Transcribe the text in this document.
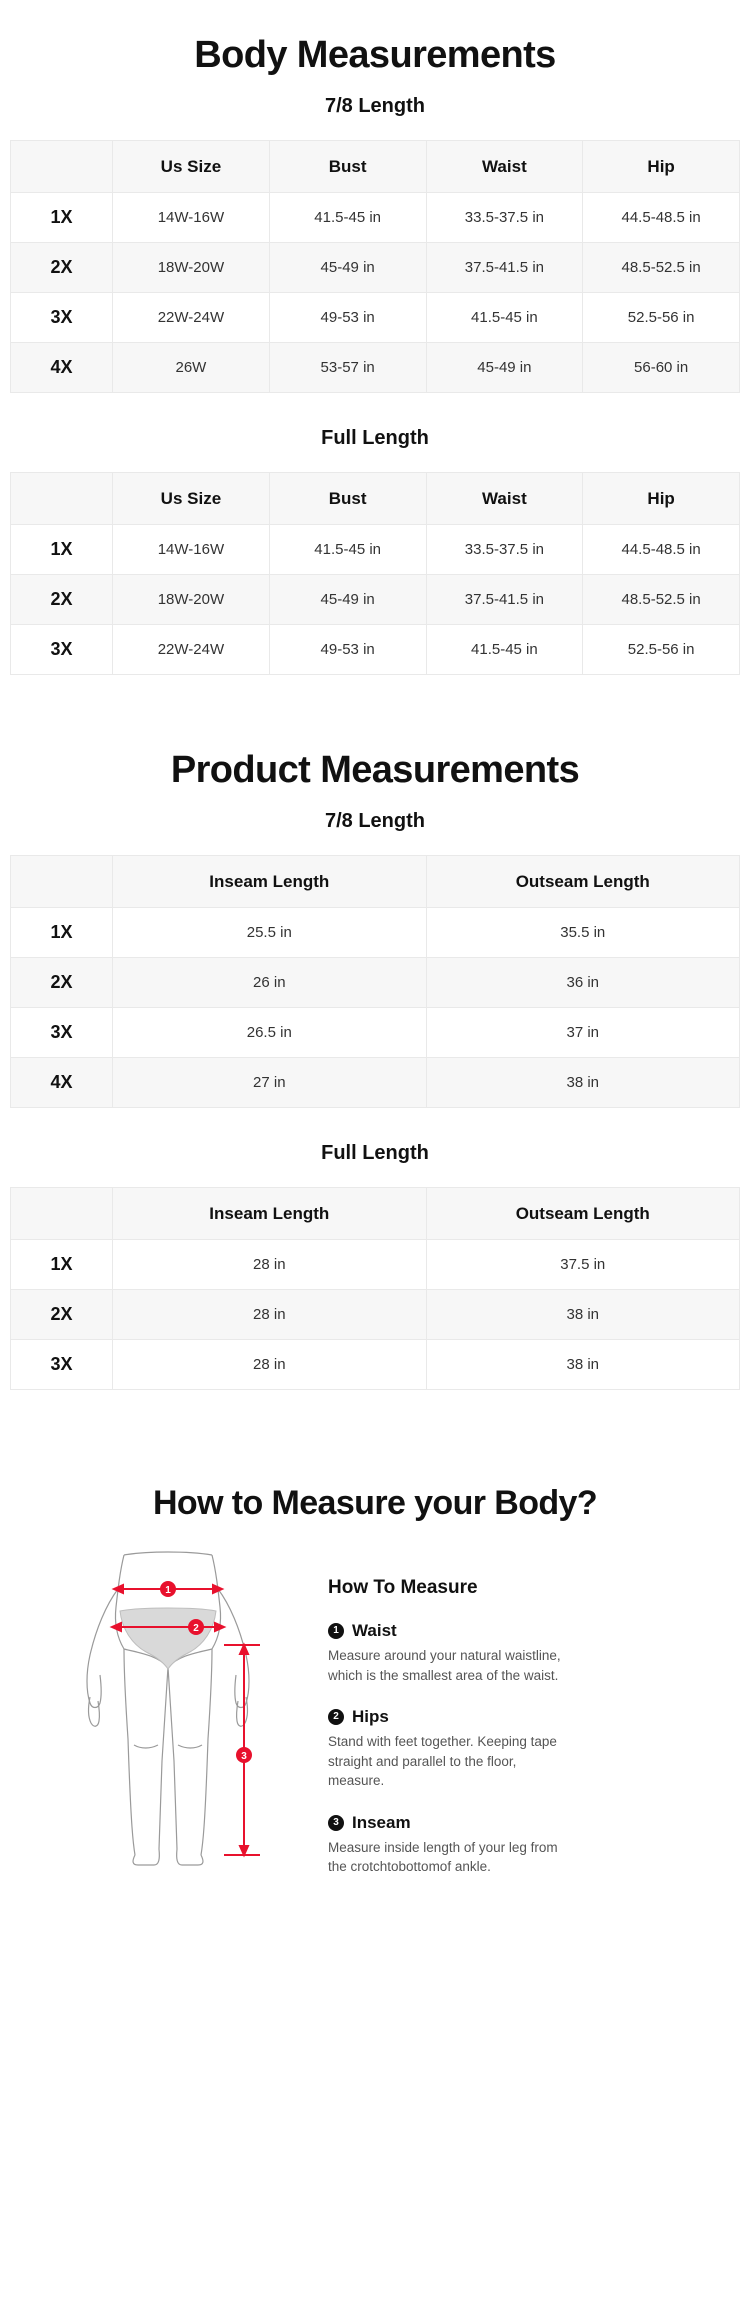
Body Measurements
7/8 Length
	Us Size	Bust	Waist	Hip
1X	14W-16W	41.5-45 in	33.5-37.5 in	44.5-48.5 in
2X	18W-20W	45-49 in	37.5-41.5 in	48.5-52.5 in
3X	22W-24W	49-53 in	41.5-45 in	52.5-56 in
4X	26W	53-57 in	45-49 in	56-60 in
Full Length
	Us Size	Bust	Waist	Hip
1X	14W-16W	41.5-45 in	33.5-37.5 in	44.5-48.5 in
2X	18W-20W	45-49 in	37.5-41.5 in	48.5-52.5 in
3X	22W-24W	49-53 in	41.5-45 in	52.5-56 in
Product Measurements
7/8 Length
	Inseam Length	Outseam Length
1X	25.5 in	35.5 in
2X	26 in	36 in
3X	26.5 in	37 in
4X	27 in	38 in
Full Length
	Inseam Length	Outseam Length
1X	28 in	37.5 in
2X	28 in	38 in
3X	28 in	38 in
How to Measure your Body?
1
2
3
How To Measure
1 Waist
Measure around your natural waistline, which is the smallest area of the waist.
2 Hips
Stand with feet together. Keeping tape straight and parallel to the floor, measure.
3 Inseam
Measure inside length of your leg from the crotchtobottomof ankle.
